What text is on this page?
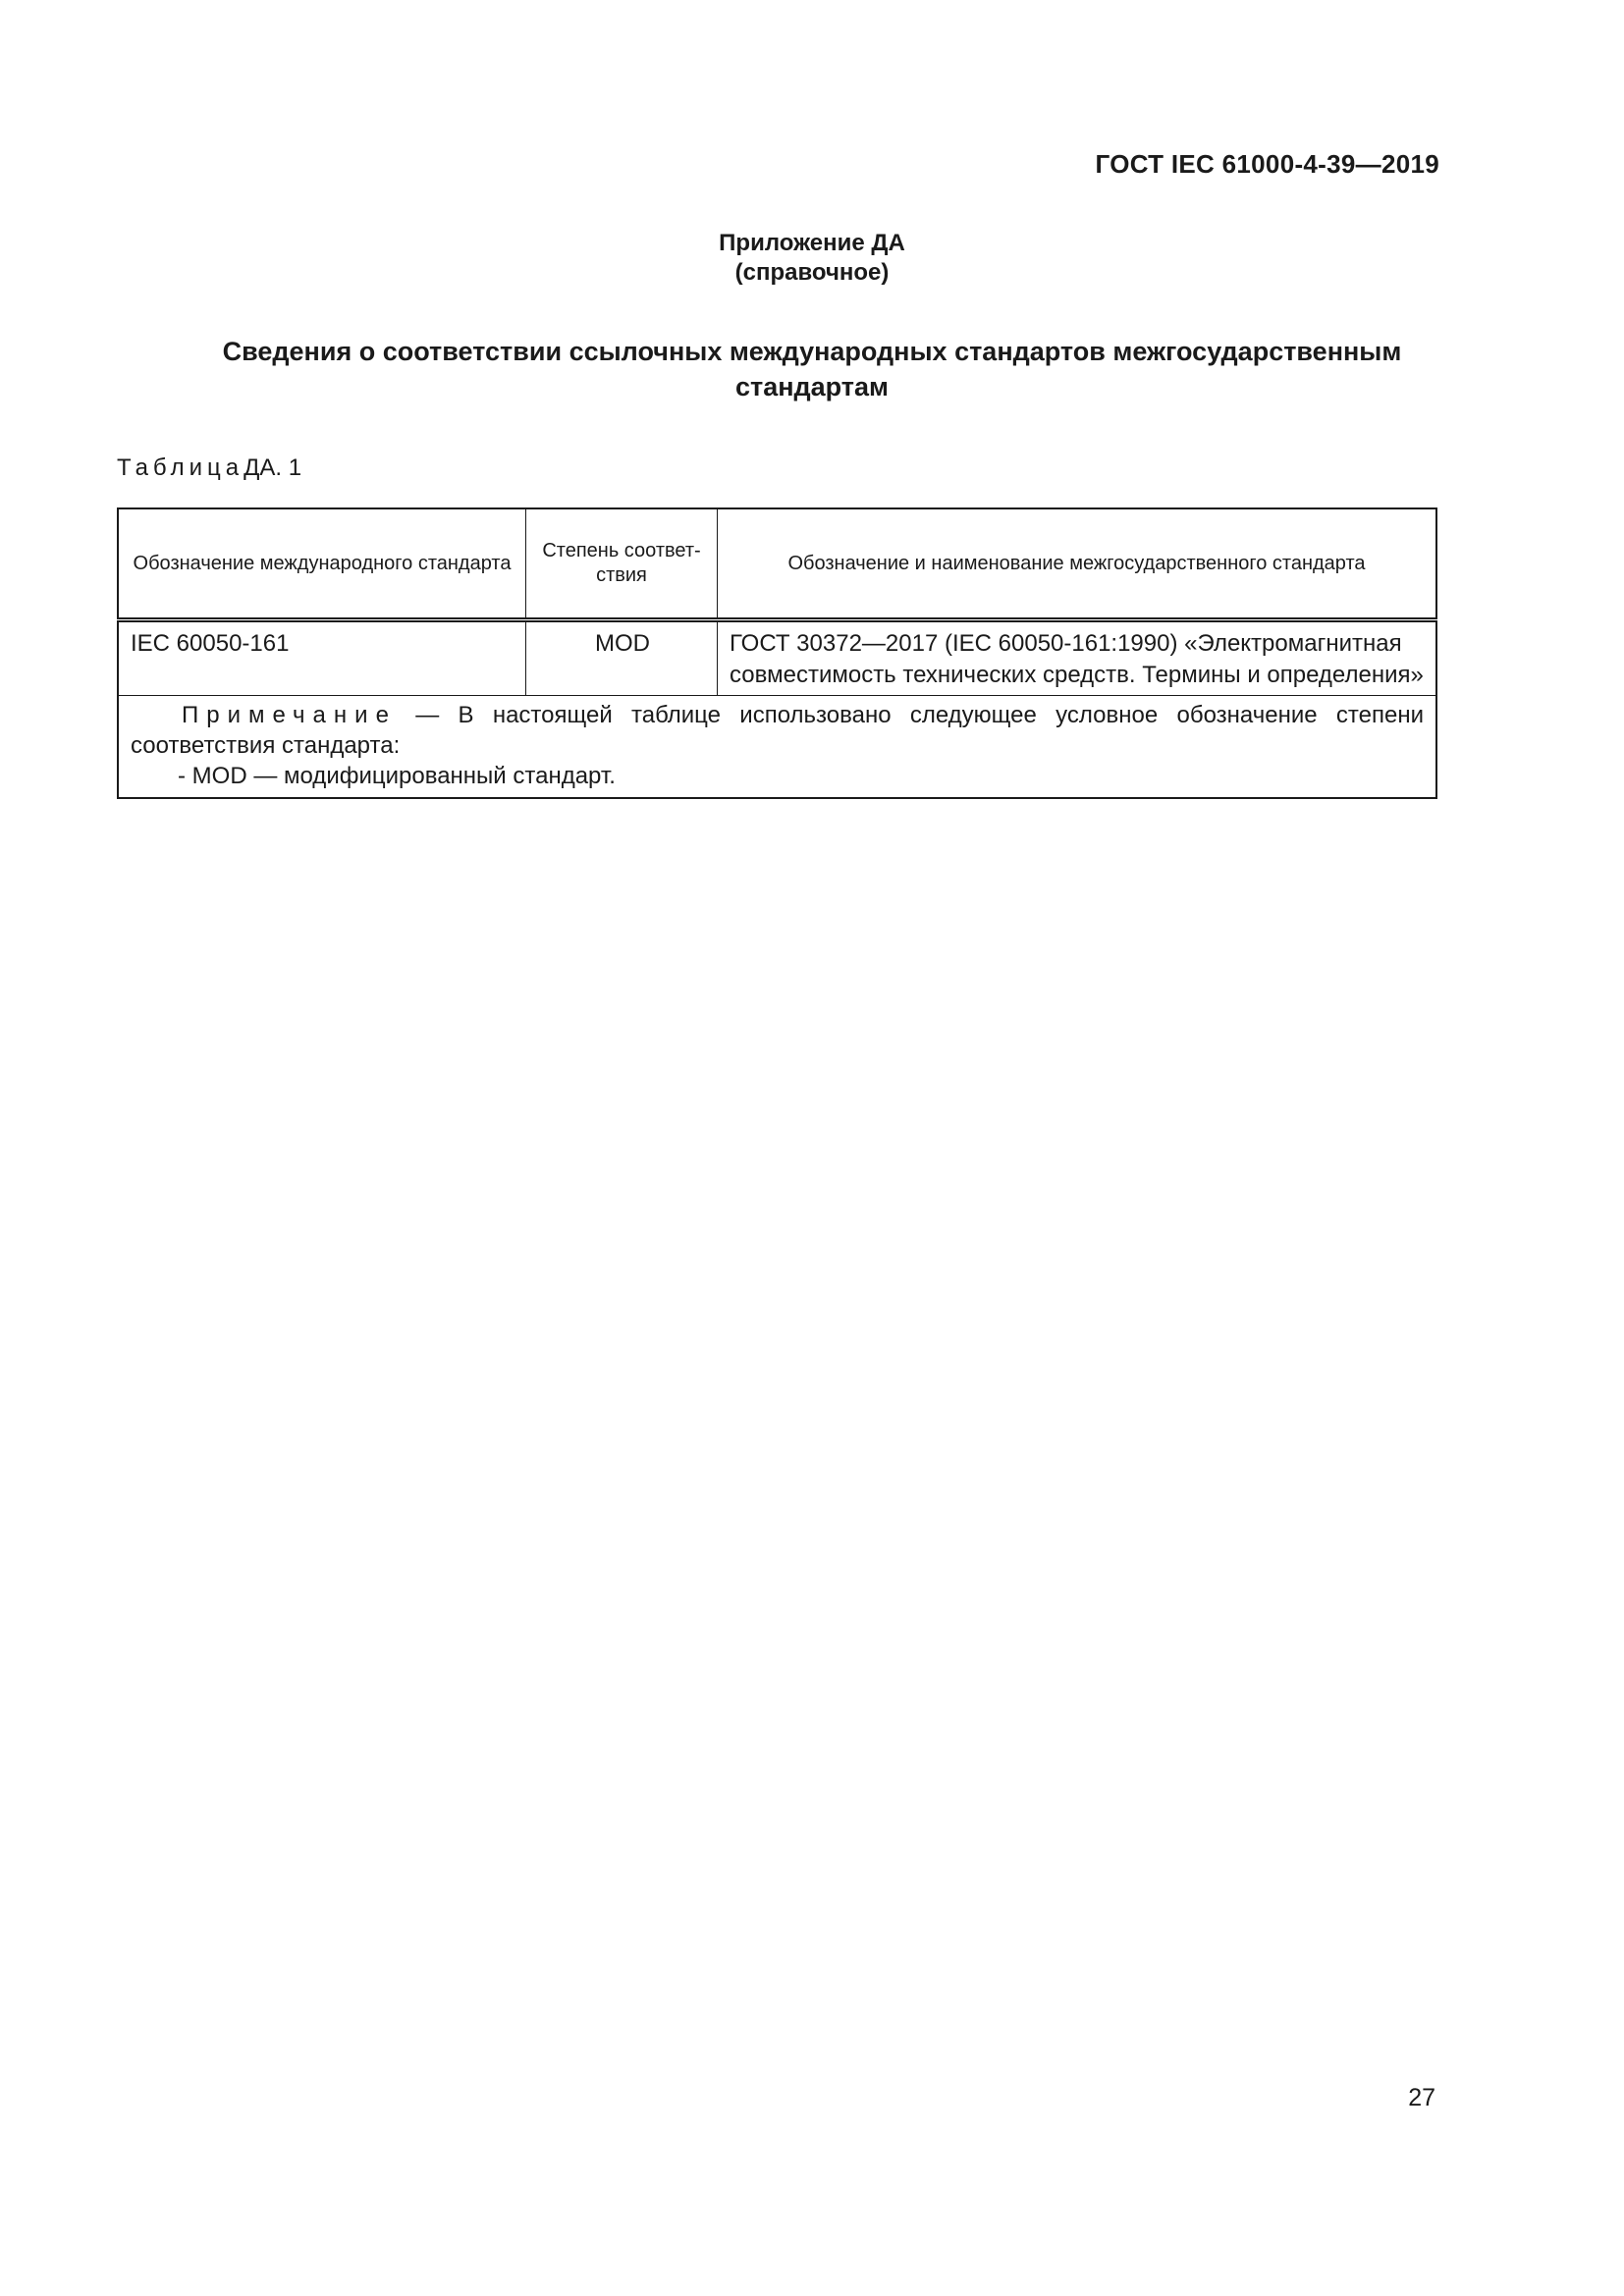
ГОСТ IEC 61000-4-39—2019
Приложение ДА
(справочное)
Сведения о соответствии ссылочных международных стандартов межгосударственным стандартам
ТаблицаДА. 1
Обозначение международного стандарта	Степень соответ-ствия	Обозначение и наименование межгосударственного стандарта
IEC 60050-161	MOD	ГОСТ 30372—2017 (IEC 60050-161:1990) «Электромагнитная совместимость технических средств. Термины и определения»
Примечание — В настоящей таблице использовано следующее условное обозначение степени соответствия стандарта:
- MOD — модифицированный стандарт.		
27
